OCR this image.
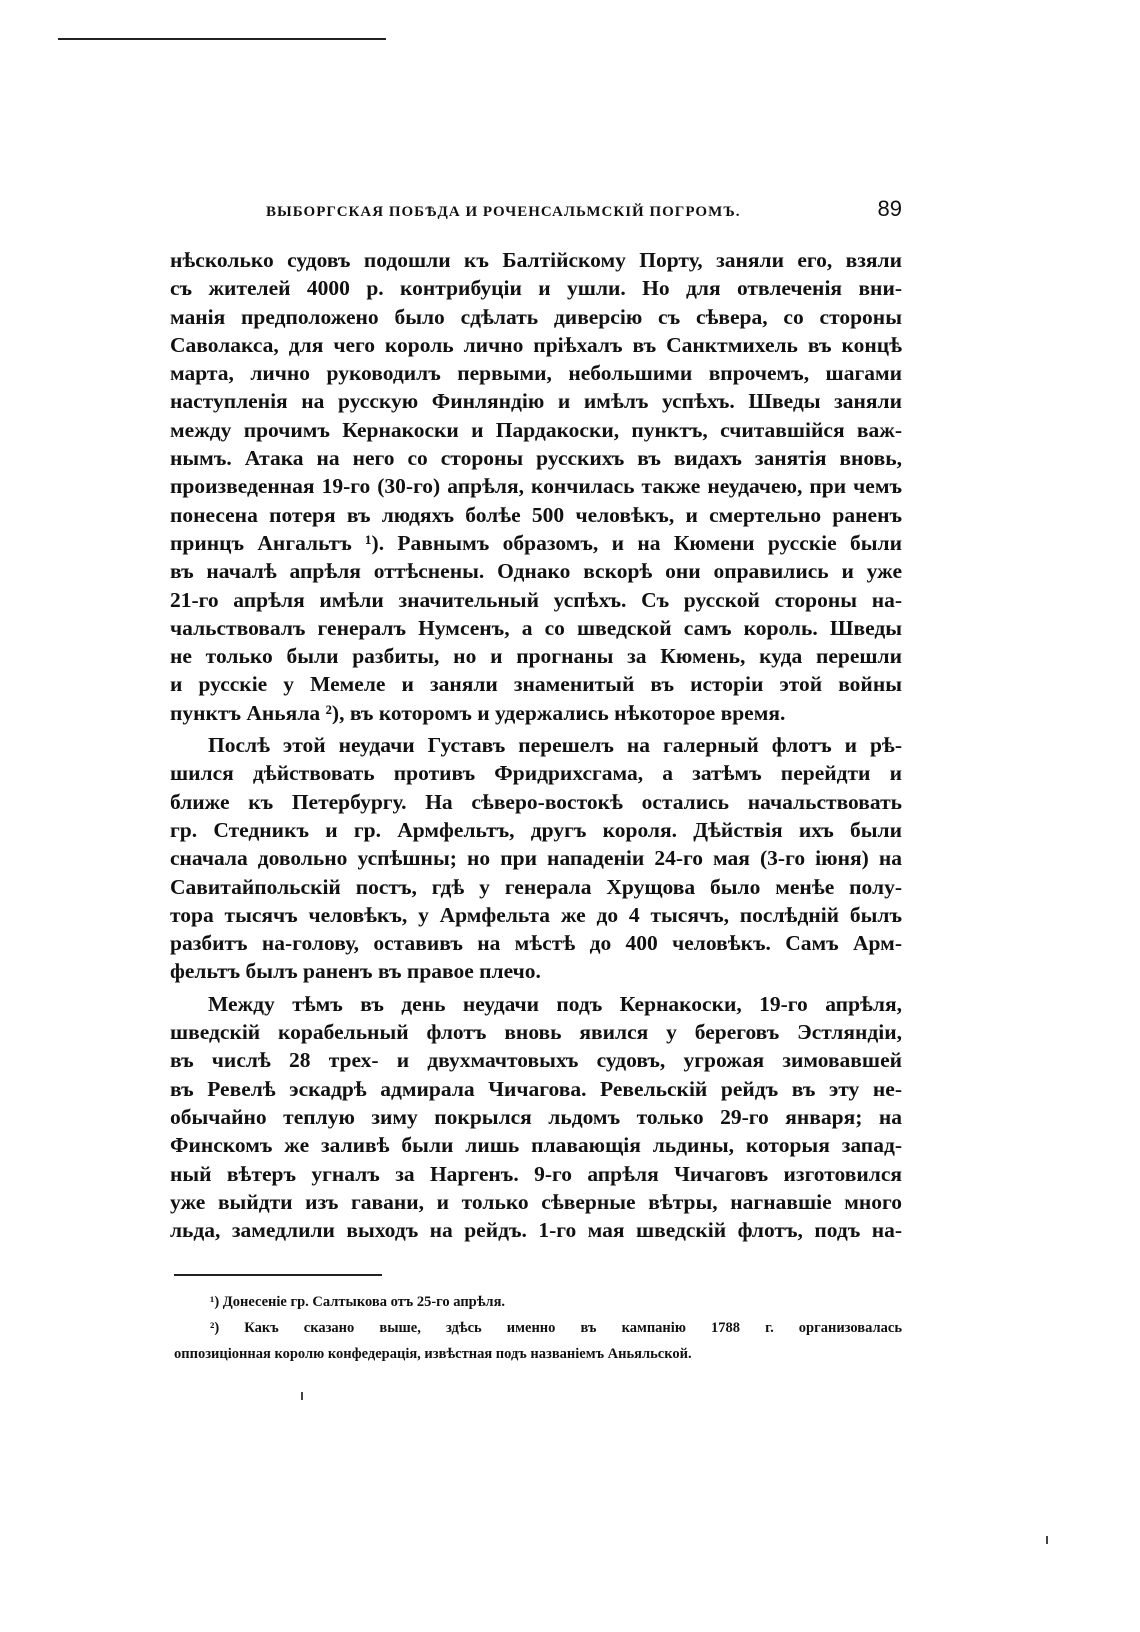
ВЫБОРГСКАЯ ПОБѢДА И РОЧЕНСАЛЬМСКІЙ ПОГРОМЪ.	89
нѣсколько судовъ подошли къ Балтійскому Порту, заняли его, взяли
съ жителей 4000 р. контрибуціи и ушли. Но для отвлеченія вни-
манія предположено было сдѣлать диверсію съ сѣвера, со стороны
Саволакса, для чего король лично пріѣхалъ въ Санктмихель въ концѣ
марта, лично руководилъ первыми, небольшими впрочемъ, шагами
наступленія на русскую Финляндію и имѣлъ успѣхъ. Шведы заняли
между прочимъ Кернакоски и Пардакоски, пунктъ, считавшійся важ-
нымъ. Атака на него со стороны русскихъ въ видахъ занятія вновь,
произведенная 19-го (30-го) апрѣля, кончилась также неудачею, при чемъ
понесена потеря въ людяхъ болѣе 500 человѣкъ, и смертельно раненъ
принцъ Ангальтъ ¹). Равнымъ образомъ, и на Кюмени русскіе были
въ началѣ апрѣля оттѣснены. Однако вскорѣ они оправились и уже
21-го апрѣля имѣли значительный успѣхъ. Съ русской стороны на-
чальствовалъ генералъ Нумсенъ, а со шведской самъ король. Шведы
не только были разбиты, но и прогнаны за Кюмень, куда перешли
и русскіе у Мемеле и заняли знаменитый въ исторіи этой войны
пунктъ Аньяла ²), въ которомъ и удержались нѣкоторое время.
Послѣ этой неудачи Густавъ перешелъ на галерный флотъ и рѣ-
шился дѣйствовать противъ Фридрихсгама, а затѣмъ перейдти и
ближе къ Петербургу. На сѣверо-востокѣ остались начальствовать
гр. Стедникъ и гр. Армфельтъ, другъ короля. Дѣйствія ихъ были
сначала довольно успѣшны; но при нападеніи 24-го мая (3-го іюня) на
Савитайпольскій постъ, гдѣ у генерала Хрущова было менѣе полу-
тора тысячъ человѣкъ, у Армфельта же до 4 тысячъ, послѣдній былъ
разбитъ на-голову, оставивъ на мѣстѣ до 400 человѣкъ. Самъ Арм-
фельтъ былъ раненъ въ правое плечо.
Между тѣмъ въ день неудачи подъ Кернакоски, 19-го апрѣля,
шведскій корабельный флотъ вновь явился у береговъ Эстляндіи,
въ числѣ 28 трех- и двухмачтовыхъ судовъ, угрожая зимовавшей
въ Ревелѣ эскадрѣ адмирала Чичагова. Ревельскій рейдъ въ эту не-
обычайно теплую зиму покрылся льдомъ только 29-го января; на
Финскомъ же заливѣ были лишь плавающія льдины, которыя запад-
ный вѣтеръ угналъ за Наргенъ. 9-го апрѣля Чичаговъ изготовился
уже выйдти изъ гавани, и только сѣверные вѣтры, нагнавшіе много
льда, замедлили выходъ на рейдъ. 1-го мая шведскій флотъ, подъ на-
¹) Донесеніе гр. Салтыкова отъ 25-го апрѣля.
²) Какъ сказано выше, здѣсь именно въ кампанію 1788 г. организовалась
оппозиціонная королю конфедерація, извѣстная подъ названіемъ Аньяльской.
